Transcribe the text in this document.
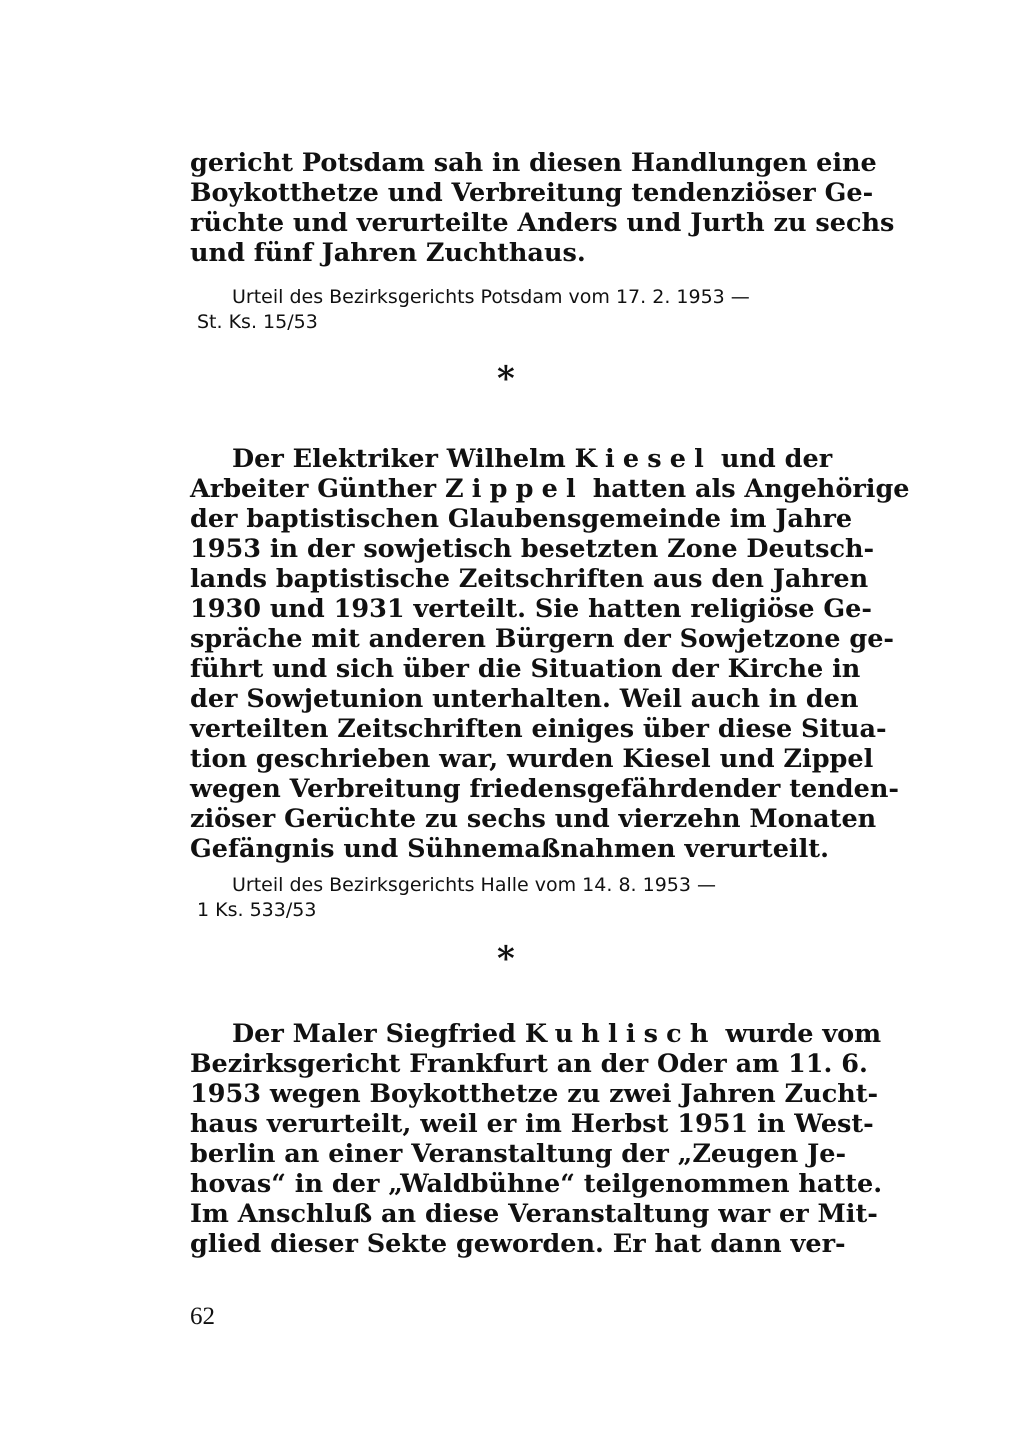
gericht Potsdam sah in diesen Handlungen eine
Boykotthetze und Verbreitung tendenziöser Ge-
rüchte und verurteilte Anders und Jurth zu sechs
und fünf Jahren Zuchthaus.
Urteil des Bezirksgerichts Potsdam vom 17. 2. 1953 —
St. Ks. 15/53
*
Der Elektriker Wilhelm Kiesel und der
Arbeiter Günther Zippel hatten als Angehörige
der baptistischen Glaubensgemeinde im Jahre
1953 in der sowjetisch besetzten Zone Deutsch-
lands baptistische Zeitschriften aus den Jahren
1930 und 1931 verteilt. Sie hatten religiöse Ge-
spräche mit anderen Bürgern der Sowjetzone ge-
führt und sich über die Situation der Kirche in
der Sowjetunion unterhalten. Weil auch in den
verteilten Zeitschriften einiges über diese Situa-
tion geschrieben war, wurden Kiesel und Zippel
wegen Verbreitung friedensgefährdender tenden-
ziöser Gerüchte zu sechs und vierzehn Monaten
Gefängnis und Sühnemaßnahmen verurteilt.
Urteil des Bezirksgerichts Halle vom 14. 8. 1953 —
1 Ks. 533/53
*
Der Maler Siegfried Kuhlisch wurde vom
Bezirksgericht Frankfurt an der Oder am 11. 6.
1953 wegen Boykotthetze zu zwei Jahren Zucht-
haus verurteilt, weil er im Herbst 1951 in West-
berlin an einer Veranstaltung der „Zeugen Je-
hovas“ in der „Waldbühne“ teilgenommen hatte.
Im Anschluß an diese Veranstaltung war er Mit-
glied dieser Sekte geworden. Er hat dann ver-
62
